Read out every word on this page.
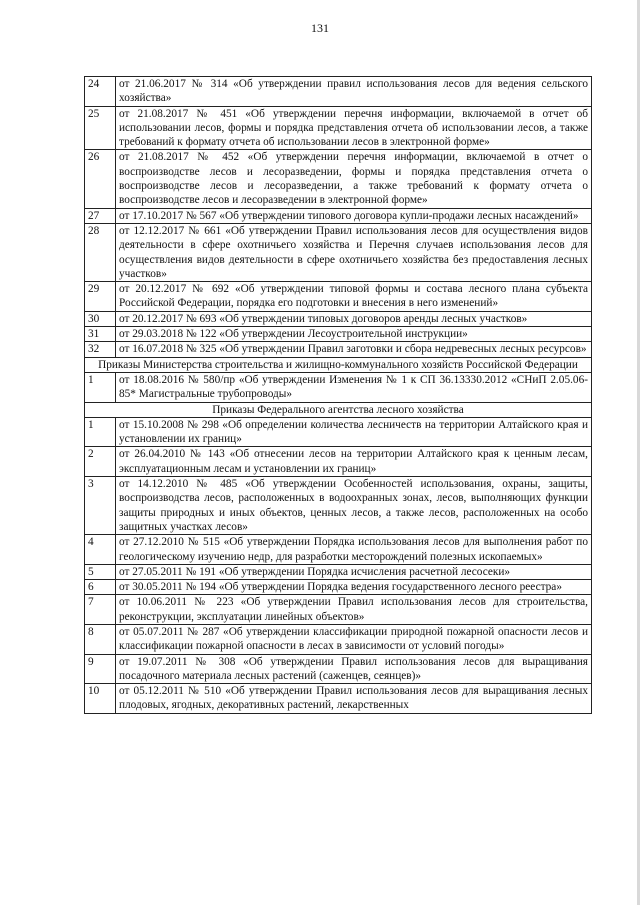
131
24	от 21.06.2017 № 314 «Об утверждении правил использования лесов для ведения сельского хозяйства»
25	от 21.08.2017 № 451 «Об утверждении перечня информации, включаемой в отчет об использовании лесов, формы и порядка представления отчета об использовании лесов, а также требований к формату отчета об использовании лесов в электронной форме»
26	от 21.08.2017 № 452 «Об утверждении перечня информации, включаемой в отчет о воспроизводстве лесов и лесоразведении, формы и порядка представления отчета о воспроизводстве лесов и лесоразведении, а также требований к формату отчета о воспроизводстве лесов и лесоразведении в электронной форме»
27	от 17.10.2017 № 567 «Об утверждении типового договора купли-продажи лесных насаждений»
28	от 12.12.2017 № 661 «Об утверждении Правил использования лесов для осуществления видов деятельности в сфере охотничьего хозяйства и Перечня случаев использования лесов для осуществления видов деятельности в сфере охотничьего хозяйства без предоставления лесных участков»
29	от 20.12.2017 № 692 «Об утверждении типовой формы и состава лесного плана субъекта Российской Федерации, порядка его подготовки и внесения в него изменений»
30	от 20.12.2017 № 693 «Об утверждении типовых договоров аренды лесных участков»
31	от 29.03.2018 № 122 «Об утверждении Лесоустроительной инструкции»
32	от 16.07.2018 № 325 «Об утверждении Правил заготовки и сбора недревесных лесных ресурсов»
Приказы Министерства строительства и жилищно-коммунального хозяйств Российской Федерации	
1	от 18.08.2016 № 580/пр «Об утверждении Изменения № 1 к СП 36.13330.2012 «СНиП 2.05.06-85* Магистральные трубопроводы»
Приказы Федерального агентства лесного хозяйства	
1	от 15.10.2008 № 298 «Об определении количества лесничеств на территории Алтайского края и установлении их границ»
2	от 26.04.2010 № 143 «Об отнесении лесов на территории Алтайского края к ценным лесам, эксплуатационным лесам и установлении их границ»
3	от 14.12.2010 № 485 «Об утверждении Особенностей использования, охраны, защиты, воспроизводства лесов, расположенных в водоохранных зонах, лесов, выполняющих функции защиты природных и иных объектов, ценных лесов, а также лесов, расположенных на особо защитных участках лесов»
4	от 27.12.2010 № 515 «Об утверждении Порядка использования лесов для выполнения работ по геологическому изучению недр, для разработки месторождений полезных ископаемых»
5	от 27.05.2011 № 191 «Об утверждении Порядка исчисления расчетной лесосеки»
6	от 30.05.2011 № 194 «Об утверждении Порядка ведения государственного лесного реестра»
7	от 10.06.2011 № 223 «Об утверждении Правил использования лесов для строительства, реконструкции, эксплуатации линейных объектов»
8	от 05.07.2011 № 287 «Об утверждении классификации природной пожарной опасности лесов и классификации пожарной опасности в лесах в зависимости от условий погоды»
9	от 19.07.2011 № 308 «Об утверждении Правил использования лесов для выращивания посадочного материала лесных растений (саженцев, сеянцев)»
10	от 05.12.2011 № 510 «Об утверждении Правил использования лесов для выращивания лесных плодовых, ягодных, декоративных растений, лекарственных
